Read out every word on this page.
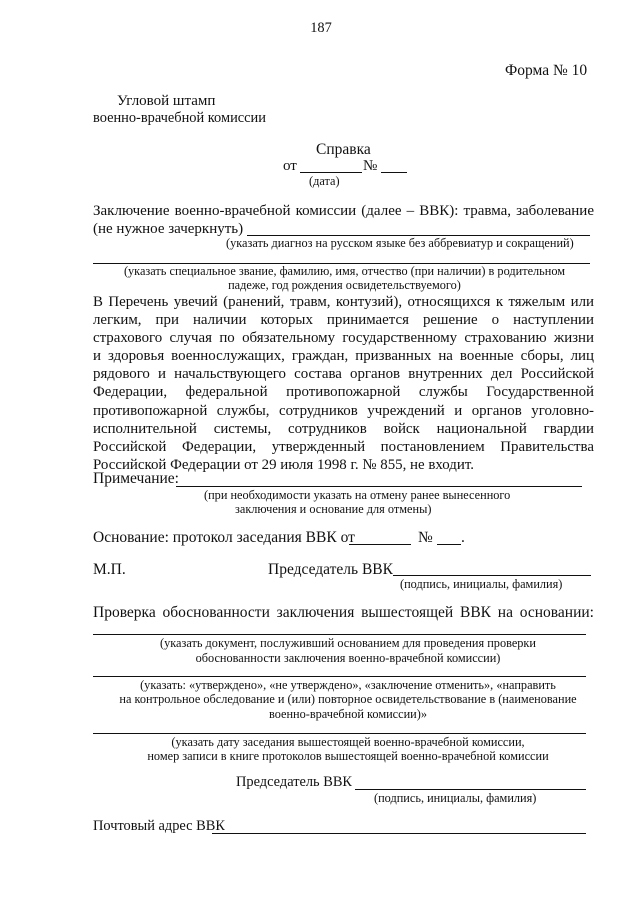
187
Форма № 10
Угловой штамп
военно-врачебной комиссии
Справка
от	№
(дата)
Заключение военно-врачебной комиссии (далее – ВВК): травма, заболевание
(не нужное зачеркнуть)
(указать диагноз на русском языке без аббревиатур и сокращений)
(указать специальное звание, фамилию, имя, отчество (при наличии) в родительном
падеже, год рождения освидетельствуемого)
В Перечень увечий (ранений, травм, контузий), относящихся к тяжелым или
легким, при наличии которых принимается решение о наступлении
страхового случая по обязательному государственному страхованию жизни
и здоровья военнослужащих, граждан, призванных на военные сборы, лиц
рядового и начальствующего состава органов внутренних дел Российской
Федерации, федеральной противопожарной службы Государственной
противопожарной службы, сотрудников учреждений и органов уголовно-
исполнительной системы, сотрудников войск национальной гвардии
Российской Федерации, утвержденный постановлением Правительства
Российской Федерации от 29 июля 1998 г. № 855, не входит.
Примечание:
(при необходимости указать на отмену ранее вынесенного
заключения и основание для отмены)
Основание: протокол заседания ВВК от	№ .
М.П.	Председатель ВВК
(подпись, инициалы, фамилия)
Проверка обоснованности заключения вышестоящей ВВК на основании:
(указать документ, послуживший основанием для проведения проверки
обоснованности заключения военно-врачебной комиссии)
(указать: «утверждено», «не утверждено», «заключение отменить», «направить
на контрольное обследование и (или) повторное освидетельствование в (наименование
военно-врачебной комиссии)»
(указать дату заседания вышестоящей военно-врачебной комиссии,
номер записи в книге протоколов вышестоящей военно-врачебной комиссии
Председатель ВВК
(подпись, инициалы, фамилия)
Почтовый адрес ВВК
